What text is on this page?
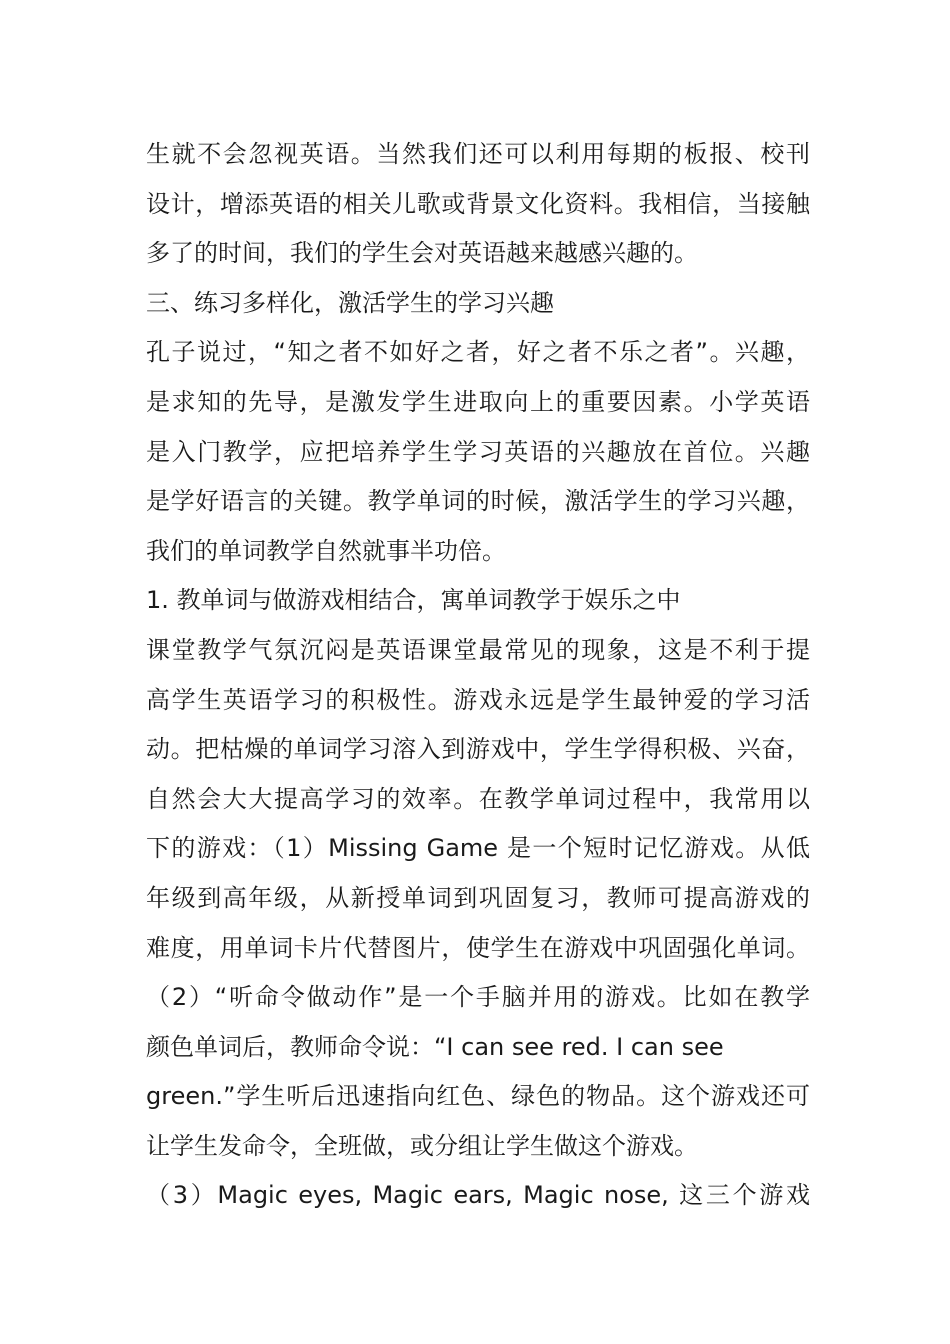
生就不会忽视英语。当然我们还可以利用每期的板报、校刊
设计，增添英语的相关儿歌或背景文化资料。我相信，当接触
多了的时间，我们的学生会对英语越来越感兴趣的。
三、练习多样化，激活学生的学习兴趣
孔子说过，“知之者不如好之者，好之者不乐之者”。兴趣，
是求知的先导，是激发学生进取向上的重要因素。小学英语
是入门教学，应把培养学生学习英语的兴趣放在首位。兴趣
是学好语言的关键。教学单词的时候，激活学生的学习兴趣，
我们的单词教学自然就事半功倍。
1. 教单词与做游戏相结合，寓单词教学于娱乐之中
课堂教学气氛沉闷是英语课堂最常见的现象，这是不利于提
高学生英语学习的积极性。游戏永远是学生最钟爱的学习活
动。把枯燥的单词学习溶入到游戏中，学生学得积极、兴奋，
自然会大大提高学习的效率。在教学单词过程中，我常用以
下的游戏：（1）Missing Game 是一个短时记忆游戏。从低
年级到高年级，从新授单词到巩固复习，教师可提高游戏的
难度，用单词卡片代替图片，使学生在游戏中巩固强化单词。
（2）“听命令做动作”是一个手脑并用的游戏。比如在教学
颜色单词后，教师命令说：“I can see red. I can see
green.”学生听后迅速指向红色、绿色的物品。这个游戏还可
让学生发命令，全班做，或分组让学生做这个游戏。
（3）Magic eyes, Magic ears, Magic nose, 这三个游戏
